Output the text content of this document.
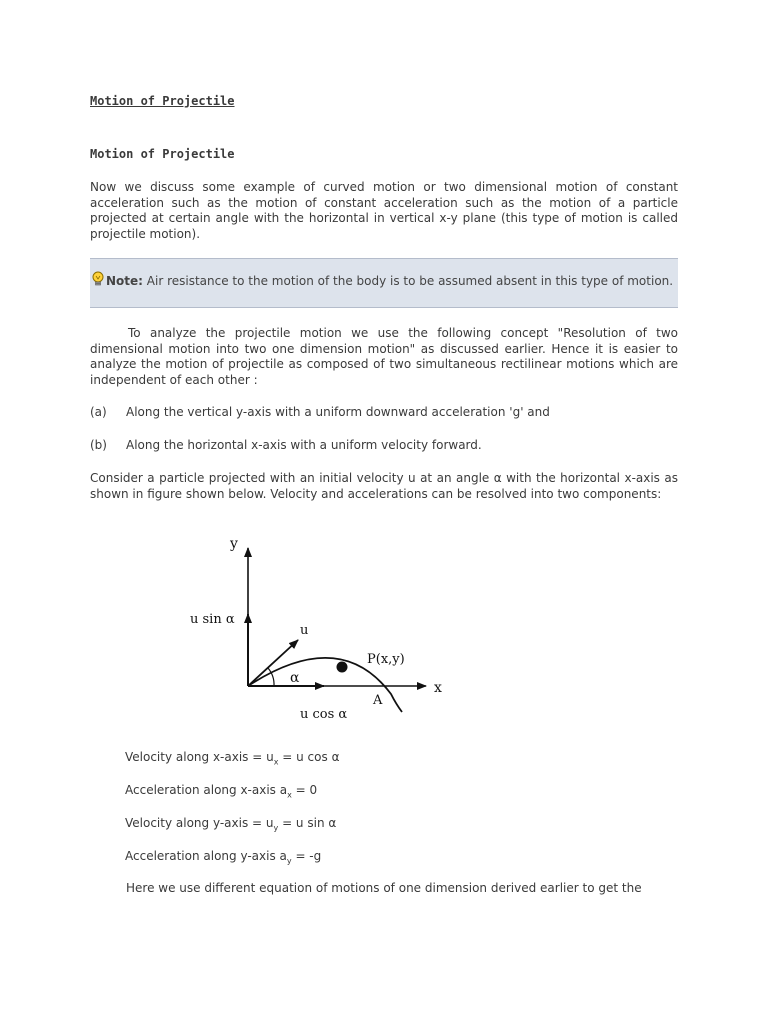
Motion of Projectile
Motion of Projectile

Now we discuss some example of curved motion or two dimensional motion of constant acceleration such as the motion of constant acceleration such as the motion of a particle projected at certain angle with the horizontal in vertical x-y plane (this type of motion is called projectile motion).

Note: Air resistance to the motion of the body is to be assumed absent in this type of motion.

To analyze the projectile motion we use the following concept "Resolution of two dimensional motion into two one dimension motion" as discussed earlier. Hence it is easier to analyze the motion of projectile as composed of two simultaneous rectilinear motions which are independent of each other :

(a) Along the vertical y-axis with a uniform downward acceleration 'g' and

(b) Along the horizontal x-axis with a uniform velocity forward.

Consider a particle projected with an initial velocity u at an angle α with the horizontal x-axis as shown in figure shown below. Velocity and accelerations can be resolved into two components:

y
x
u
u sin α
u cos α
α
P(x,y)
A

Velocity along x-axis = $u_x = u$ cos α

Acceleration along x-axis $a_x = 0$

Velocity along y-axis = $u_y = u$ sin α

Acceleration along y-axis $a_y = -g$

Here we use different equation of motions of one dimension derived earlier to get the
